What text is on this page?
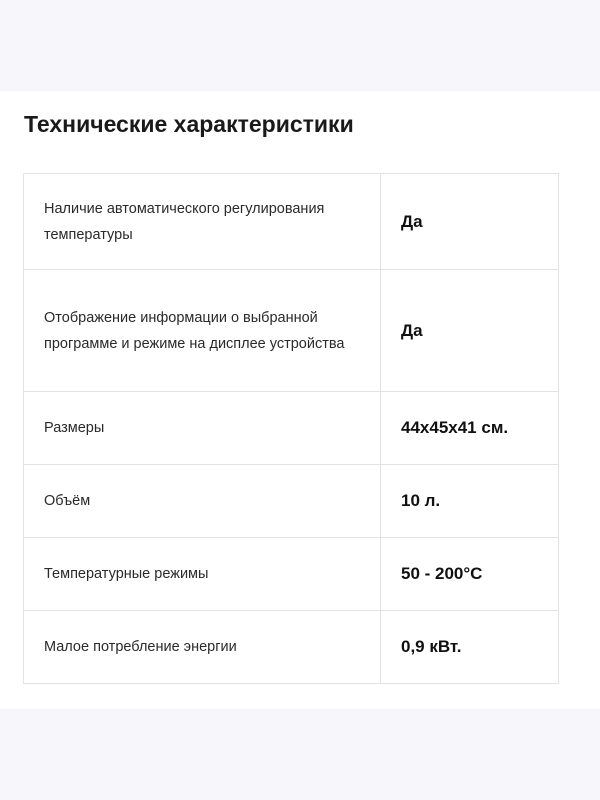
Технические характеристики
Наличие автоматического регулирования температуры	Да
Отображение информации о выбранной программе и режиме на дисплее устройства	Да
Размеры	44х45х41 см.
Объём	10 л.
Температурные режимы	50 - 200°C
Малое потребление энергии	0,9 кВт.
